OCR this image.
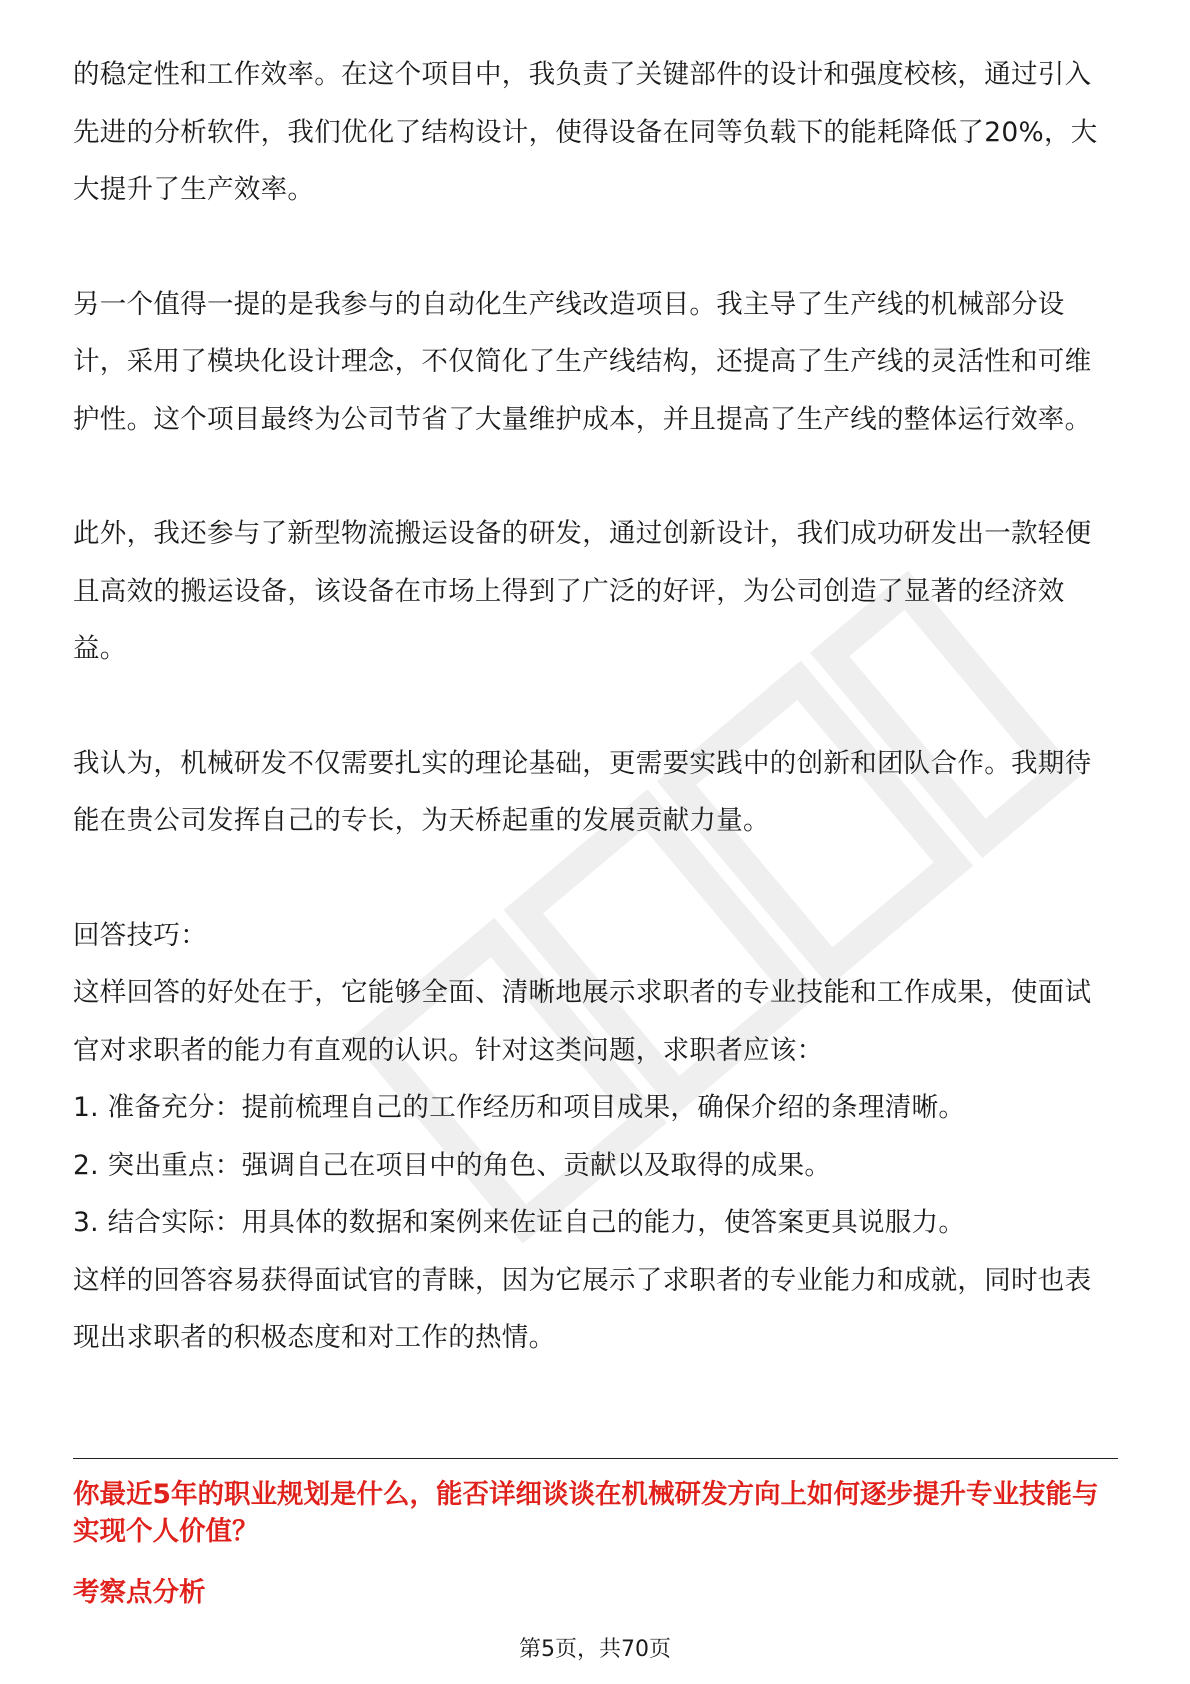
的稳定性和工作效率。在这个项目中，我负责了关键部件的设计和强度校核，通过引入先进的分析软件，我们优化了结构设计，使得设备在同等负载下的能耗降低了20%，大大提升了生产效率。

另一个值得一提的是我参与的自动化生产线改造项目。我主导了生产线的机械部分设计，采用了模块化设计理念，不仅简化了生产线结构，还提高了生产线的灵活性和可维护性。这个项目最终为公司节省了大量维护成本，并且提高了生产线的整体运行效率。

此外，我还参与了新型物流搬运设备的研发，通过创新设计，我们成功研发出一款轻便且高效的搬运设备，该设备在市场上得到了广泛的好评，为公司创造了显著的经济效益。

我认为，机械研发不仅需要扎实的理论基础，更需要实践中的创新和团队合作。我期待能在贵公司发挥自己的专长，为天桥起重的发展贡献力量。

回答技巧：

这样回答的好处在于，它能够全面、清晰地展示求职者的专业技能和工作成果，使面试官对求职者的能力有直观的认识。针对这类问题，求职者应该：

1. 准备充分：提前梳理自己的工作经历和项目成果，确保介绍的条理清晰。

2. 突出重点：强调自己在项目中的角色、贡献以及取得的成果。

3. 结合实际：用具体的数据和案例来佐证自己的能力，使答案更具说服力。

这样的回答容易获得面试官的青睐，因为它展示了求职者的专业能力和成就，同时也表现出求职者的积极态度和对工作的热情。

你最近5年的职业规划是什么，能否详细谈谈在机械研发方向上如何逐步提升专业技能与实现个人价值？

考察点分析

第5页，共70页
